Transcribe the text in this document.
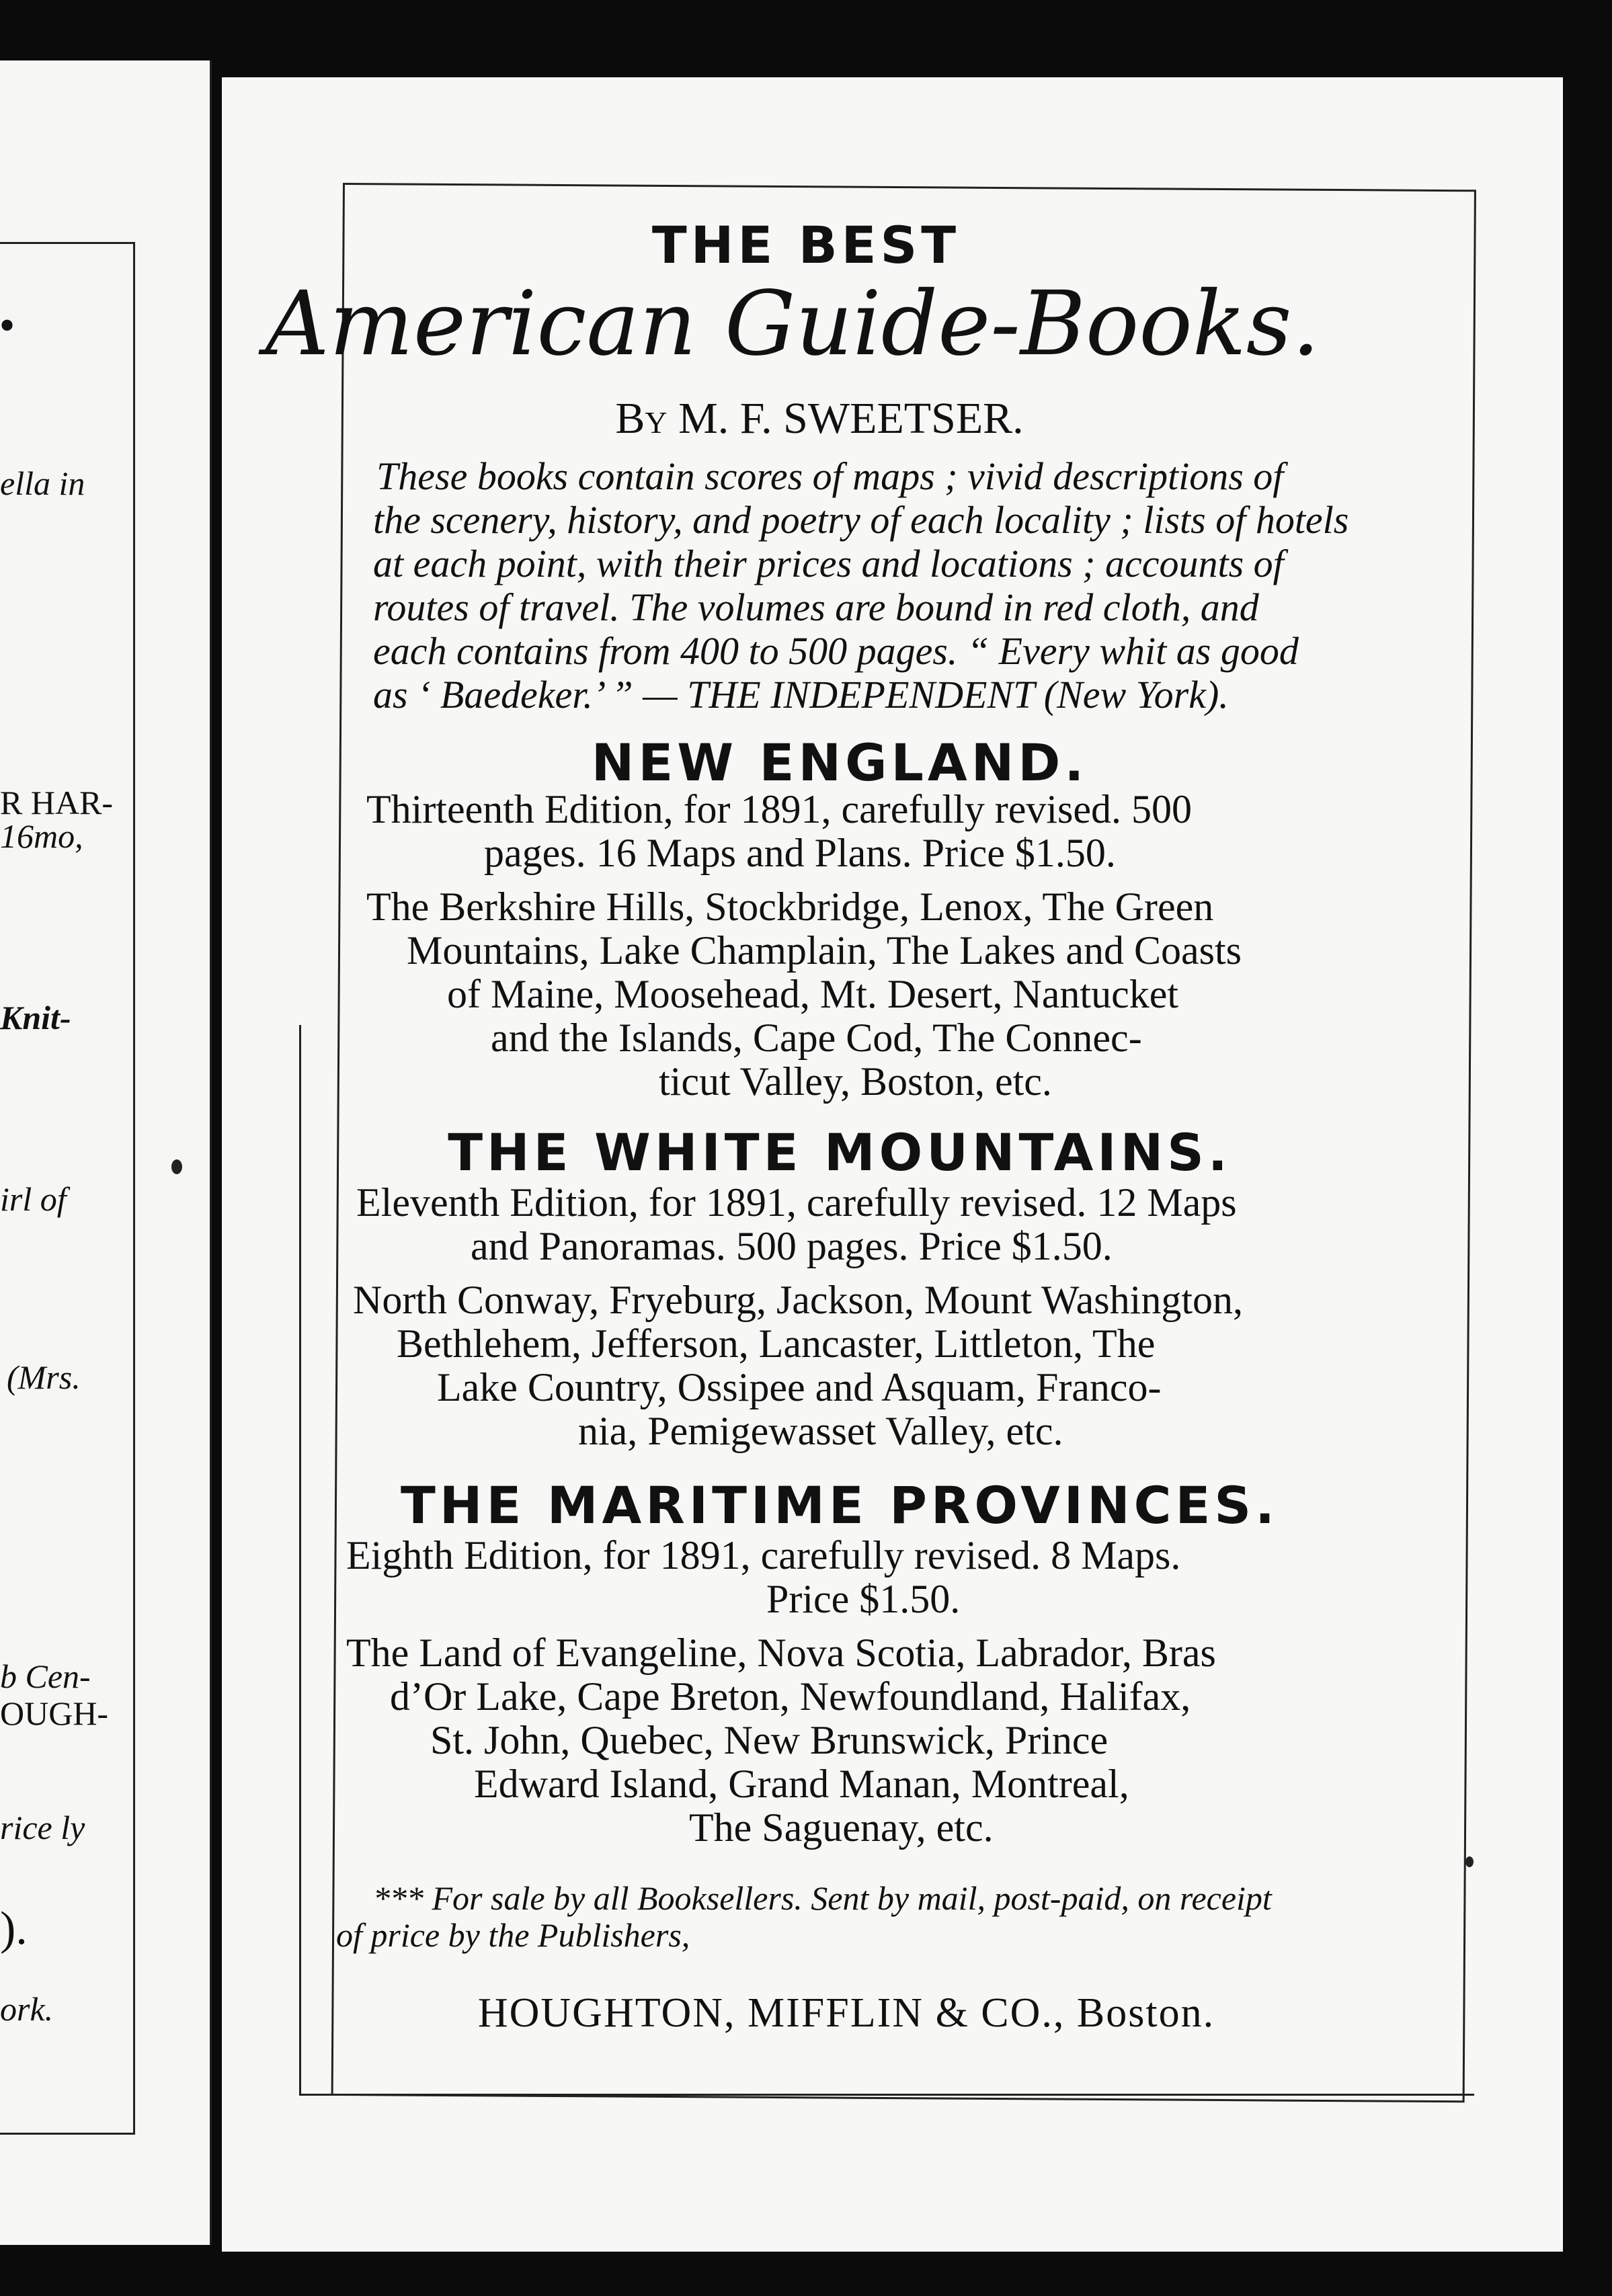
•
ella in
R HAR-
16mo,
Knit-
irl of
(Mrs.
b Cen-
OUGH-
rice ly
).
ork.
THE BEST
American Guide-Books.
By M. F. SWEETSER.
These books contain scores of maps ; vivid descriptions of
the scenery, history, and poetry of each locality ; lists of hotels
at each point, with their prices and locations ; accounts of
routes of travel. The volumes are bound in red cloth, and
each contains from 400 to 500 pages. “ Every whit as good
as ‘ Baedeker.’ ” — THE INDEPENDENT (New York).
NEW ENGLAND.
Thirteenth Edition, for 1891, carefully revised. 500
pages. 16 Maps and Plans. Price $1.50.
The Berkshire Hills, Stockbridge, Lenox, The Green
Mountains, Lake Champlain, The Lakes and Coasts
of Maine, Moosehead, Mt. Desert, Nantucket
and the Islands, Cape Cod, The Connec-
ticut Valley, Boston, etc.
THE WHITE MOUNTAINS.
Eleventh Edition, for 1891, carefully revised. 12 Maps
and Panoramas. 500 pages. Price $1.50.
North Conway, Fryeburg, Jackson, Mount Washington,
Bethlehem, Jefferson, Lancaster, Littleton, The
Lake Country, Ossipee and Asquam, Franco-
nia, Pemigewasset Valley, etc.
THE MARITIME PROVINCES.
Eighth Edition, for 1891, carefully revised. 8 Maps.
Price $1.50.
The Land of Evangeline, Nova Scotia, Labrador, Bras
d’Or Lake, Cape Breton, Newfoundland, Halifax,
St. John, Quebec, New Brunswick, Prince
Edward Island, Grand Manan, Montreal,
The Saguenay, etc.
*** For sale by all Booksellers. Sent by mail, post-paid, on receipt
of price by the Publishers,
HOUGHTON, MIFFLIN & CO., Boston.
